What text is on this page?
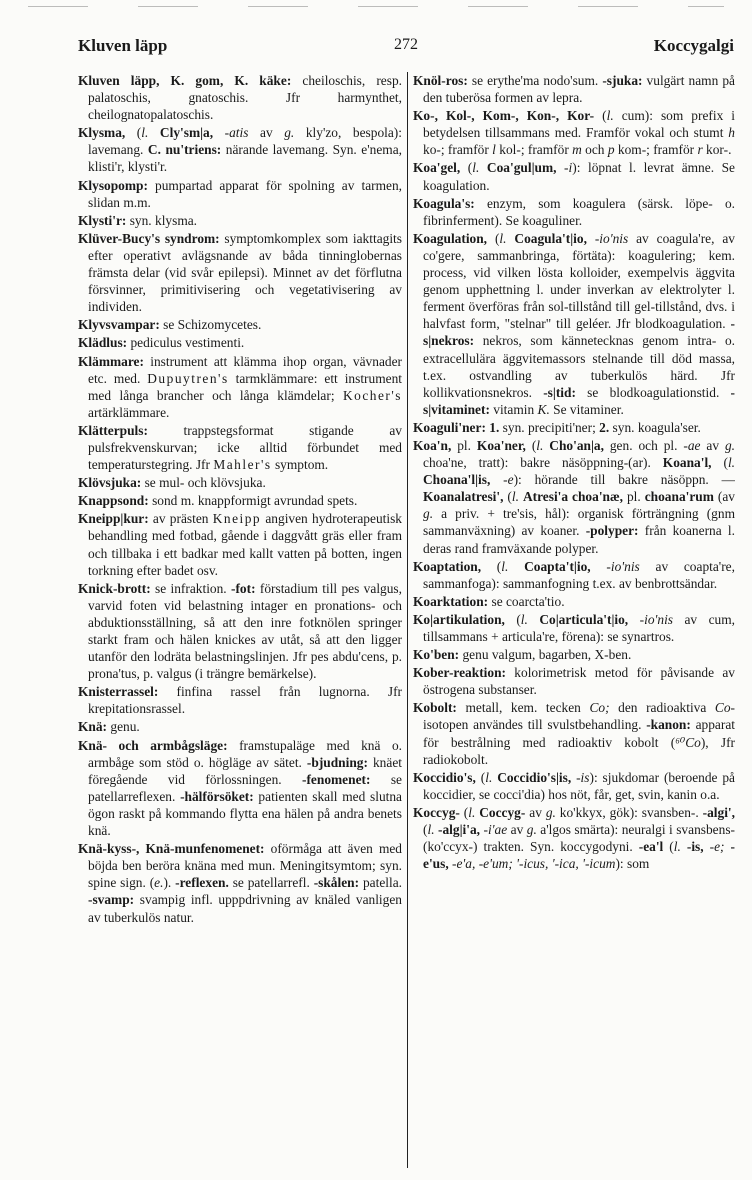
272
Kluven läpp	Koccygalgi

Kluven läpp, K. gom, K. käke: cheiloschis, resp. palatoschis, gnatoschis. Jfr harmynthet, cheilognatopalatoschis.

Klysma, (l. Cly'sm|a, -atis av g. kly'zo, bespola): lavemang. C. nu'triens: närande lavemang. Syn. e'nema, klisti'r, klysti'r.

Klysopomp: pumpartad apparat för spolning av tarmen, slidan m.m.

Klysti'r: syn. klysma.

Klüver-Bucy's syndrom: symptomkomplex som iakttagits efter operativt avlägsnande av båda tinninglobernas främsta delar (vid svår epilepsi). Minnet av det förflutna försvinner, primitivisering och vegetativisering av individen.

Klyvsvampar: se Schizomycetes.

Klädlus: pediculus vestimenti.

Klämmare: instrument att klämma ihop organ, vävnader etc. med. Dupuytren's tarmklämmare: ett instrument med långa brancher och långa klämdelar; Kocher's artärklämmare.

Klätterpuls: trappstegsformat stigande av pulsfrekvenskurvan; icke alltid förbundet med temperaturstegring. Jfr Mahler's symptom.

Klövsjuka: se mul- och klövsjuka.

Knappsond: sond m. knappformigt avrundad spets.

Kneipp|kur: av prästen Kneipp angiven hydroterapeutisk behandling med fotbad, gående i daggvått gräs eller fram och tillbaka i ett badkar med kallt vatten på botten, ingen torkning efter badet osv.

Knick-brott: se infraktion. -fot: förstadium till pes valgus, varvid foten vid belastning intager en pronations- och abduktionsställning, så att den inre fotknölen springer starkt fram och hälen knickes av utåt, så att den ligger utanför den lodräta belastningslinjen. Jfr pes abdu'cens, p. prona'tus, p. valgus (i trängre bemärkelse).

Knisterrassel: finfina rassel från lugnorna. Jfr krepitationsrassel.

Knä: genu.

Knä- och armbågsläge: framstupaläge med knä o. armbåge som stöd o. högläge av sätet. -bjudning: knäet föregående vid förlossningen. -fenomenet: se patellarreflexen. -hälförsöket: patienten skall med slutna ögon raskt på kommando flytta ena hälen på andra benets knä.

Knä-kyss-, Knä-munfenomenet: oförmåga att även med böjda ben beröra knäna med mun. Meningitsymtom; syn. spine sign. (e.). -reflexen. se patellarrefl. -skålen: patella. -svamp: svampig infl. upppdrivning av knäled vanligen av tuberkulös natur.

Knöl-ros: se erythe'ma nodo'sum. -sjuka: vulgärt namn på den tuberösa formen av lepra.

Ko-, Kol-, Kom-, Kon-, Kor- (l. cum): som prefix i betydelsen tillsammans med. Framför vokal och stumt h ko-; framför l kol-; framför m och p kom-; framför r kor-.

Koa'gel, (l. Coa'gul|um, -i): löpnat l. levrat ämne. Se koagulation.

Koagula's: enzym, som koagulera (särsk. löpe- o. fibrinferment). Se koaguliner.

Koagulation, (l. Coagula't|io, -io'nis av coagula're, av co'gere, sammanbringa, förtäta): koagulering; kem. process, vid vilken lösta kolloider, exempelvis äggvita genom upphettning l. under inverkan av elektrolyter l. ferment överföras från sol-tillstånd till gel-tillstånd, dvs. i halvfast form, "stelnar" till geléer. Jfr blodkoagulation. -s|nekros: nekros, som kännetecknas genom intra- o. extracellulära äggvitemassors stelnande till död massa, t.ex. ostvandling av tuberkulös härd. Jfr kollikvationsnekros. -s|tid: se blodkoagulationstid. -s|vitaminet: vitamin K. Se vitaminer.

Koaguli'ner: 1. syn. precipiti'ner; 2. syn. koagula'ser.

Koa'n, pl. Koa'ner, (l. Cho'an|a, gen. och pl. -ae av g. choa'ne, tratt): bakre näsöppning-(ar). Koana'l, (l. Choana'l|is, -e): hörande till bakre näsöppn. — Koanalatresi', (l. Atresi'a choa'næ, pl. choana'rum (av g. a priv. + tre'sis, hål): organisk förträngning (gnm sammanväxning) av koaner. -polyper: från koanerna l. deras rand framväxande polyper.

Koaptation, (l. Coapta't|io, -io'nis av coapta're, sammanfoga): sammanfogning t.ex. av benbrottsändar.

Koarktation: se coarcta'tio.

Ko|artikulation, (l. Co|articula't|io, -io'nis av cum, tillsammans + articula're, förena): se synartros.

Ko'ben: genu valgum, bagarben, X-ben.

Kober-reaktion: kolorimetrisk metod för påvisande av östrogena substanser.

Kobolt: metall, kem. tecken Co; den radioaktiva Co-isotopen användes till svulstbehandling. -kanon: apparat för bestrålning med radioaktiv kobolt (⁶⁰Co), Jfr radiokobolt.

Koccidio's, (l. Coccidio's|is, -is): sjukdomar (beroende på koccidier, se cocci'dia) hos nöt, får, get, svin, kanin o.a.

Koccyg- (l. Coccyg- av g. ko'kkyx, gök): svansben-. -algi', (l. -alg|i'a, -i'ae av g. a'lgos smärta): neuralgi i svansbens-(ko'ccyx-) trakten. Syn. koccygodyni. -ea'l (l. -is, -e; -e'us, -e'a, -e'um; '-icus, '-ica, '-icum): som
